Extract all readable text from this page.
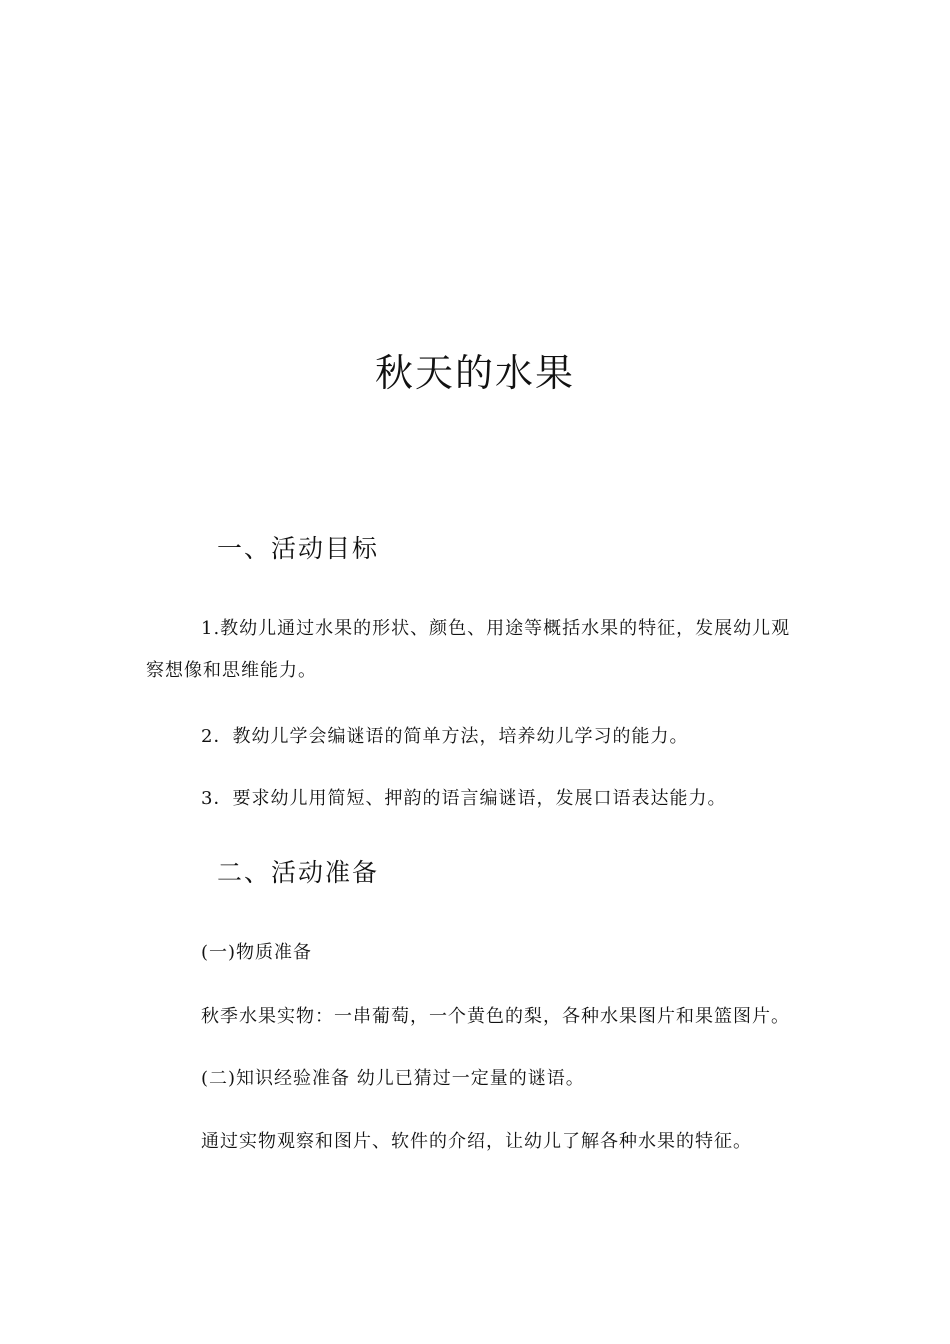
秋天的水果
一、活动目标
1.教幼儿通过水果的形状、颜色、用途等概括水果的特征，发展幼儿观
察想像和思维能力。
2．教幼儿学会编谜语的简单方法，培养幼儿学习的能力。
3．要求幼儿用简短、押韵的语言编谜语，发展口语表达能力。
二、活动准备
(一)物质准备
秋季水果实物：一串葡萄，一个黄色的梨，各种水果图片和果篮图片。
(二)知识经验准备 幼儿已猜过一定量的谜语。
通过实物观察和图片、软件的介绍，让幼儿了解各种水果的特征。
